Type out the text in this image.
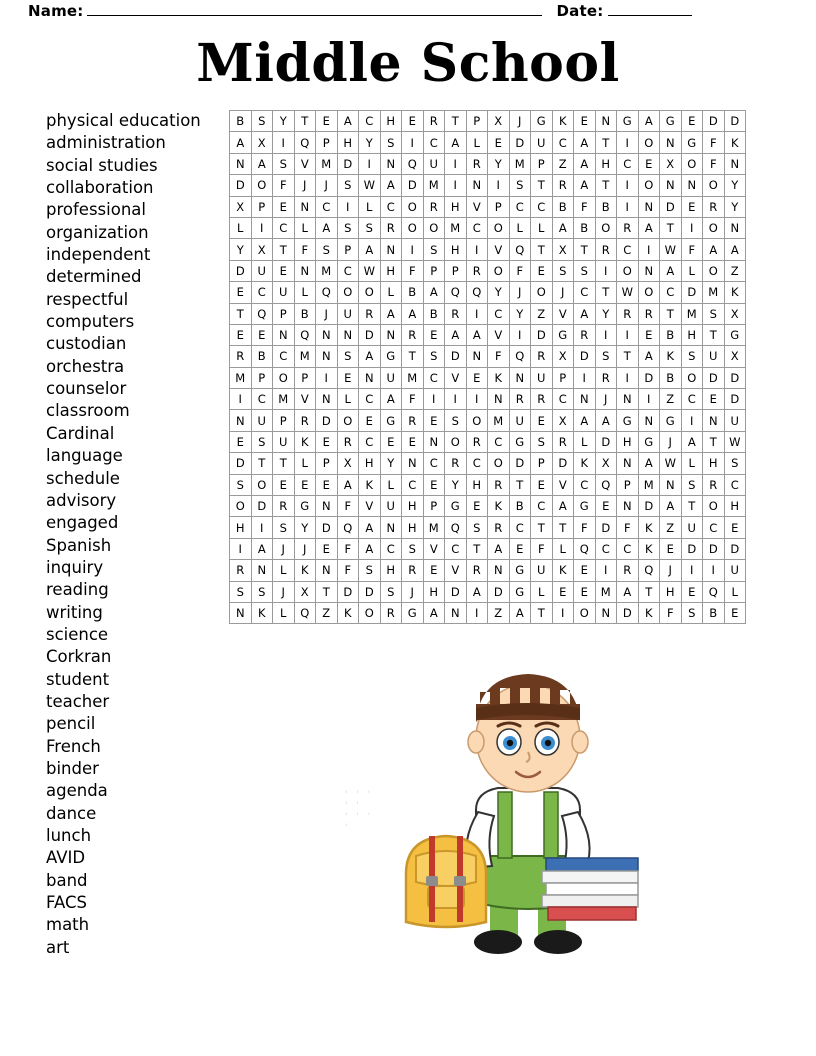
Name:	Date:
Middle School
physical education
administration
social studies
collaboration
professional
organization
independent
determined
respectful
computers
custodian
orchestra
counselor
classroom
Cardinal
language
schedule
advisory
engaged
Spanish
inquiry
reading
writing
science
Corkran
student
teacher
pencil
French
binder
agenda
dance
lunch
AVID
band
FACS
math
art
B	S	Y	T	E	A	C	H	E	R	T	P	X	J	G	K	E	N	G	A	G	E	D	D
A	X	I	Q	P	H	Y	S	I	C	A	L	E	D	U	C	A	T	I	O	N	G	F	K
N	A	S	V	M	D	I	N	Q	U	I	R	Y	M	P	Z	A	H	C	E	X	O	F	N
D	O	F	J	J	S	W	A	D	M	I	N	I	S	T	R	A	T	I	O	N	N	O	Y
X	P	E	N	C	I	L	C	O	R	H	V	P	C	C	B	F	B	I	N	D	E	R	Y
L	I	C	L	A	S	S	R	O	O	M	C	O	L	L	A	B	O	R	A	T	I	O	N
Y	X	T	F	S	P	A	N	I	S	H	I	V	Q	T	X	T	R	C	I	W	F	A	A
D	U	E	N	M	C	W	H	F	P	P	R	O	F	E	S	S	I	O	N	A	L	O	Z
E	C	U	L	Q	O	O	L	B	A	Q	Q	Y	J	O	J	C	T	W	O	C	D	M	K
T	Q	P	B	J	U	R	A	A	B	R	I	C	Y	Z	V	A	Y	R	R	T	M	S	X
E	E	N	Q	N	N	D	N	R	E	A	A	V	I	D	G	R	I	I	E	B	H	T	G
R	B	C	M	N	S	A	G	T	S	D	N	F	Q	R	X	D	S	T	A	K	S	U	X
M	P	O	P	I	E	N	U	M	C	V	E	K	N	U	P	I	R	I	D	B	O	D	D
I	C	M	V	N	L	C	A	F	I	I	I	N	R	R	C	N	J	N	I	Z	C	E	D
N	U	P	R	D	O	E	G	R	E	S	O	M	U	E	X	A	A	G	N	G	I	N	U
E	S	U	K	E	R	C	E	E	N	O	R	C	G	S	R	L	D	H	G	J	A	T	W
D	T	T	L	P	X	H	Y	N	C	R	C	O	D	P	D	K	X	N	A	W	L	H	S
S	O	E	E	E	A	K	L	C	E	Y	H	R	T	E	V	C	Q	P	M	N	S	R	C
O	D	R	G	N	F	V	U	H	P	G	E	K	B	C	A	G	E	N	D	A	T	O	H
H	I	S	Y	D	Q	A	N	H	M	Q	S	R	C	T	T	F	D	F	K	Z	U	C	E
I	A	J	J	E	F	A	C	S	V	C	T	A	E	F	L	Q	C	C	K	E	D	D	D
R	N	L	K	N	F	S	H	R	E	V	R	N	G	U	K	E	I	R	Q	J	I	I	U
S	S	J	X	T	D	D	S	J	H	D	A	D	G	L	E	E	M	A	T	H	E	Q	L
N	K	L	Q	Z	K	O	R	G	A	N	I	Z	A	T	I	O	N	D	K	F	S	B	E
' ' '
' '
' ' '
'
